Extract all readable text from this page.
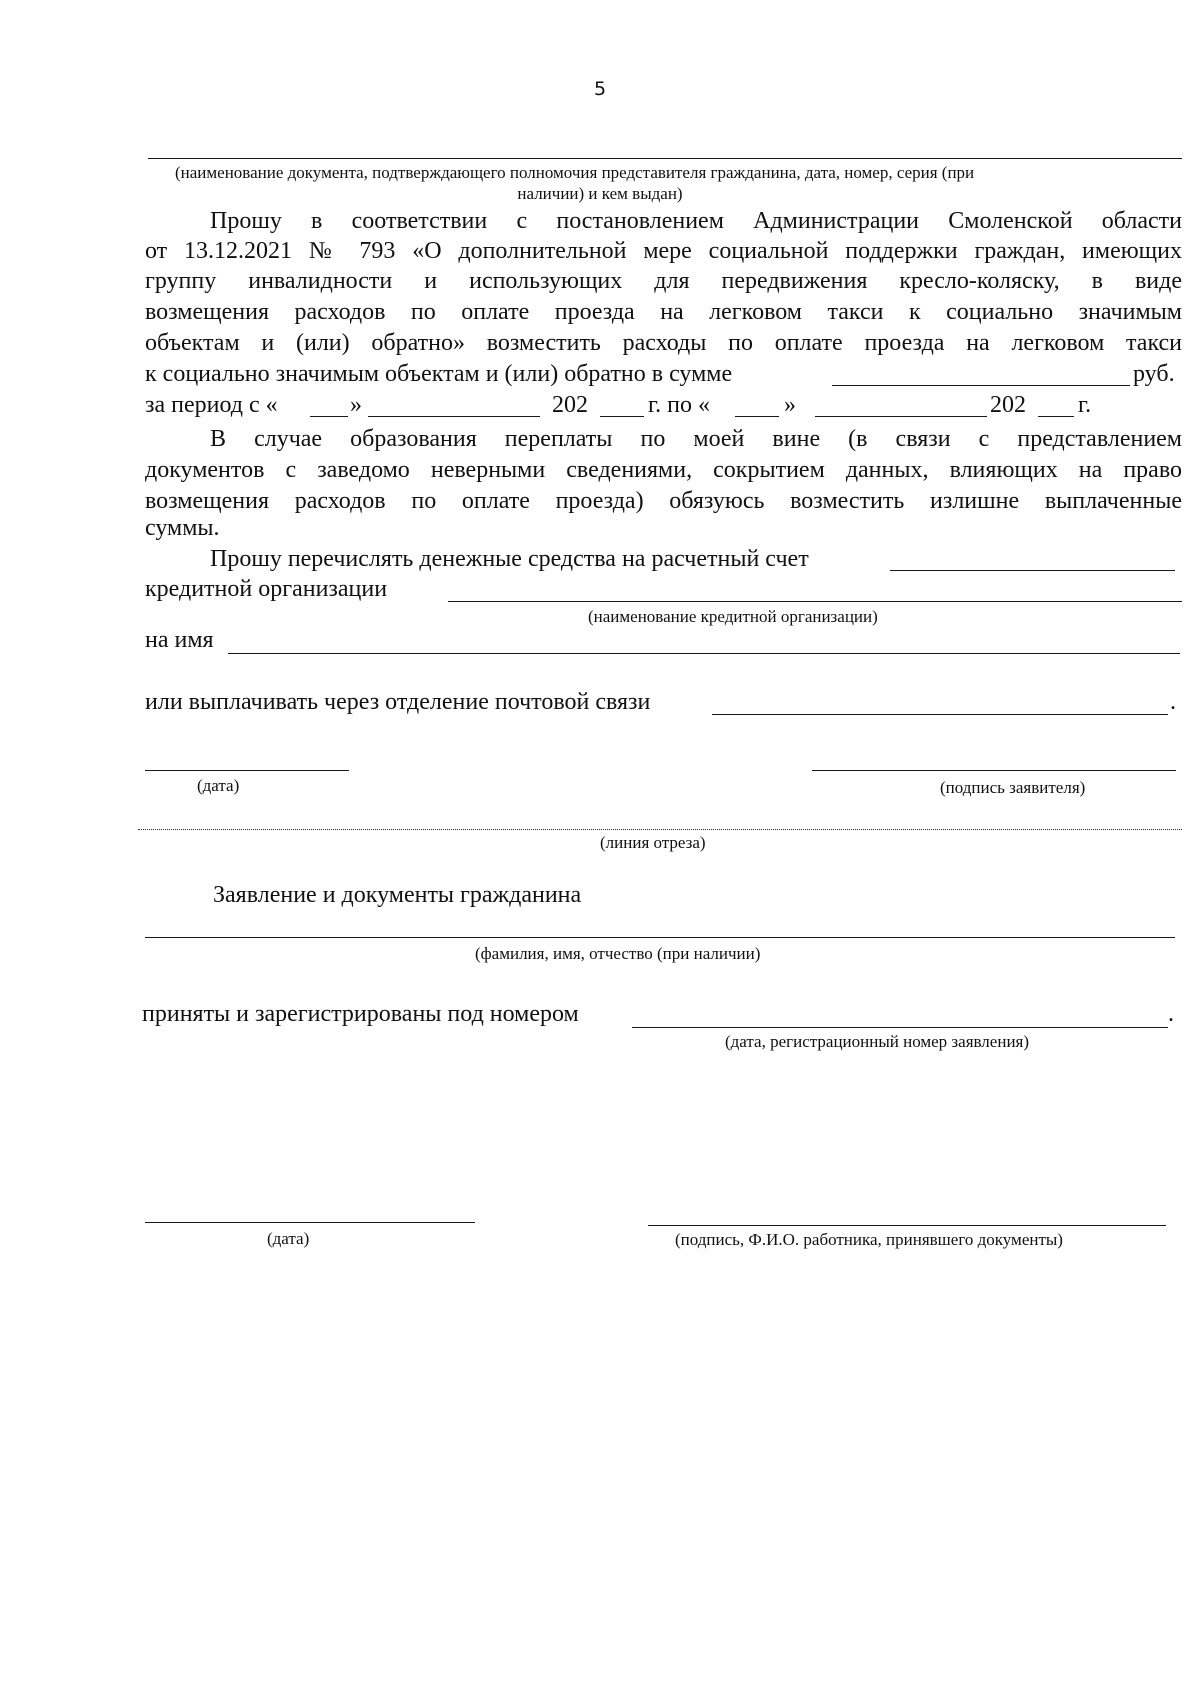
5
(наименование документа, подтверждающего полномочия представителя гражданина, дата, номер, серия (при
наличии) и кем выдан)
Прошу в соответствии с постановлением Администрации Смоленской области
от 13.12.2021 № 793 «О дополнительной мере социальной поддержки граждан, имеющих
группу инвалидности и использующих для передвижения кресло-коляску, в виде
возмещения расходов по оплате проезда на легковом такси к социально значимым
объектам и (или) обратно» возместить расходы по оплате проезда на легковом такси
к социально значимым объектам и (или) обратно в сумме	руб.
за период с «	»	202	г. по «	»	202 г.
В случае образования переплаты по моей вине (в связи с представлением
документов с заведомо неверными сведениями, сокрытием данных, влияющих на право
возмещения расходов по оплате проезда) обязуюсь возместить излишне выплаченные
суммы.
Прошу перечислять денежные средства на расчетный счет
кредитной организации
(наименование кредитной организации)
на имя
или выплачивать через отделение почтовой связи	.
(дата)	(подпись заявителя)
(линия отреза)
Заявление и документы гражданина
(фамилия, имя, отчество (при наличии)
приняты и зарегистрированы под номером	.
(дата, регистрационный номер заявления)
(дата)	(подпись, Ф.И.О. работника, принявшего документы)
